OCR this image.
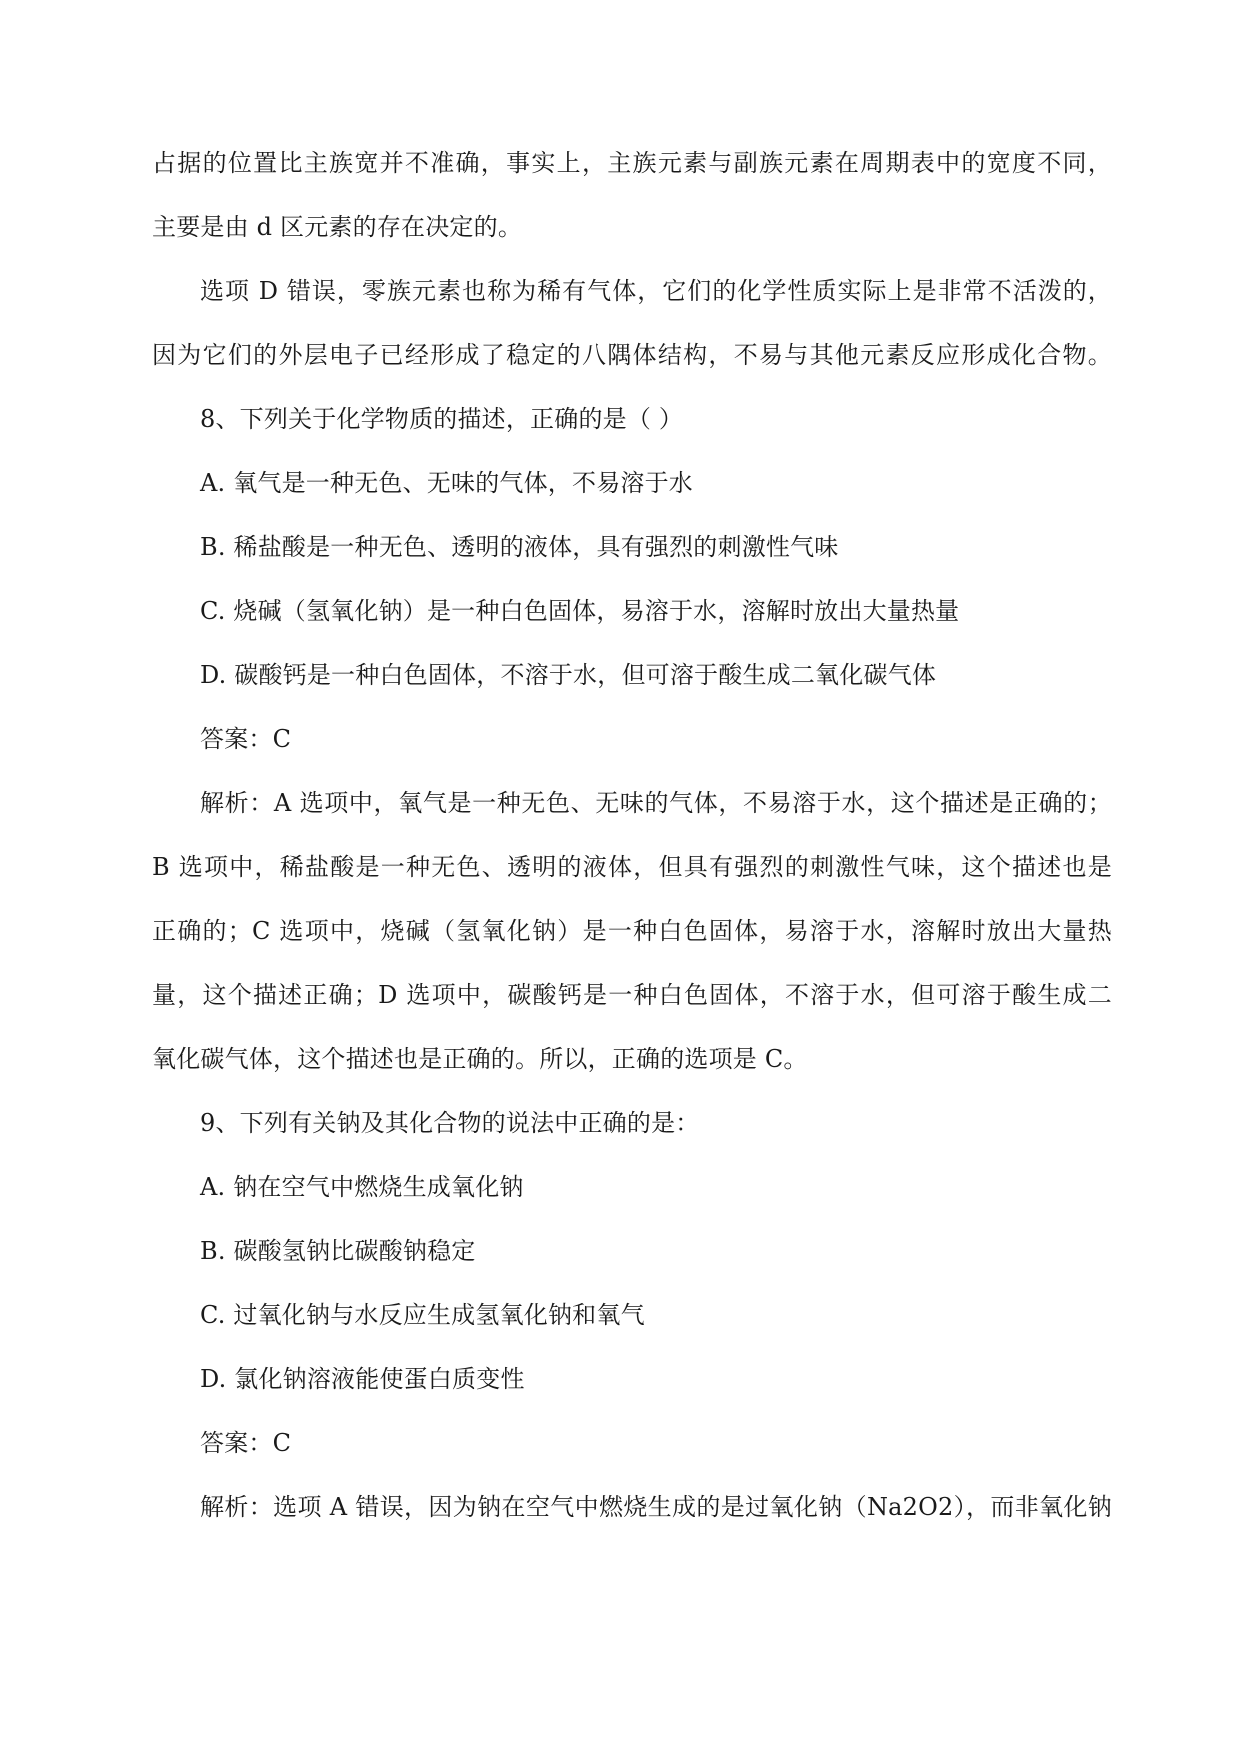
占据的位置比主族宽并不准确，事实上，主族元素与副族元素在周期表中的宽度不同，
主要是由 d 区元素的存在决定的。
选项 D 错误，零族元素也称为稀有气体，它们的化学性质实际上是非常不活泼的，
因为它们的外层电子已经形成了稳定的八隅体结构，不易与其他元素反应形成化合物。
8、下列关于化学物质的描述，正确的是（ ）
A. 氧气是一种无色、无味的气体，不易溶于水
B. 稀盐酸是一种无色、透明的液体，具有强烈的刺激性气味
C. 烧碱（氢氧化钠）是一种白色固体，易溶于水，溶解时放出大量热量
D. 碳酸钙是一种白色固体，不溶于水，但可溶于酸生成二氧化碳气体
答案：C
解析：A 选项中，氧气是一种无色、无味的气体，不易溶于水，这个描述是正确的；
B 选项中，稀盐酸是一种无色、透明的液体，但具有强烈的刺激性气味，这个描述也是
正确的；C 选项中，烧碱（氢氧化钠）是一种白色固体，易溶于水，溶解时放出大量热
量，这个描述正确；D 选项中，碳酸钙是一种白色固体，不溶于水，但可溶于酸生成二
氧化碳气体，这个描述也是正确的。所以，正确的选项是 C。
9、下列有关钠及其化合物的说法中正确的是：
A. 钠在空气中燃烧生成氧化钠
B. 碳酸氢钠比碳酸钠稳定
C. 过氧化钠与水反应生成氢氧化钠和氧气
D. 氯化钠溶液能使蛋白质变性
答案：C
解析：选项 A 错误，因为钠在空气中燃烧生成的是过氧化钠（Na2O2），而非氧化钠
